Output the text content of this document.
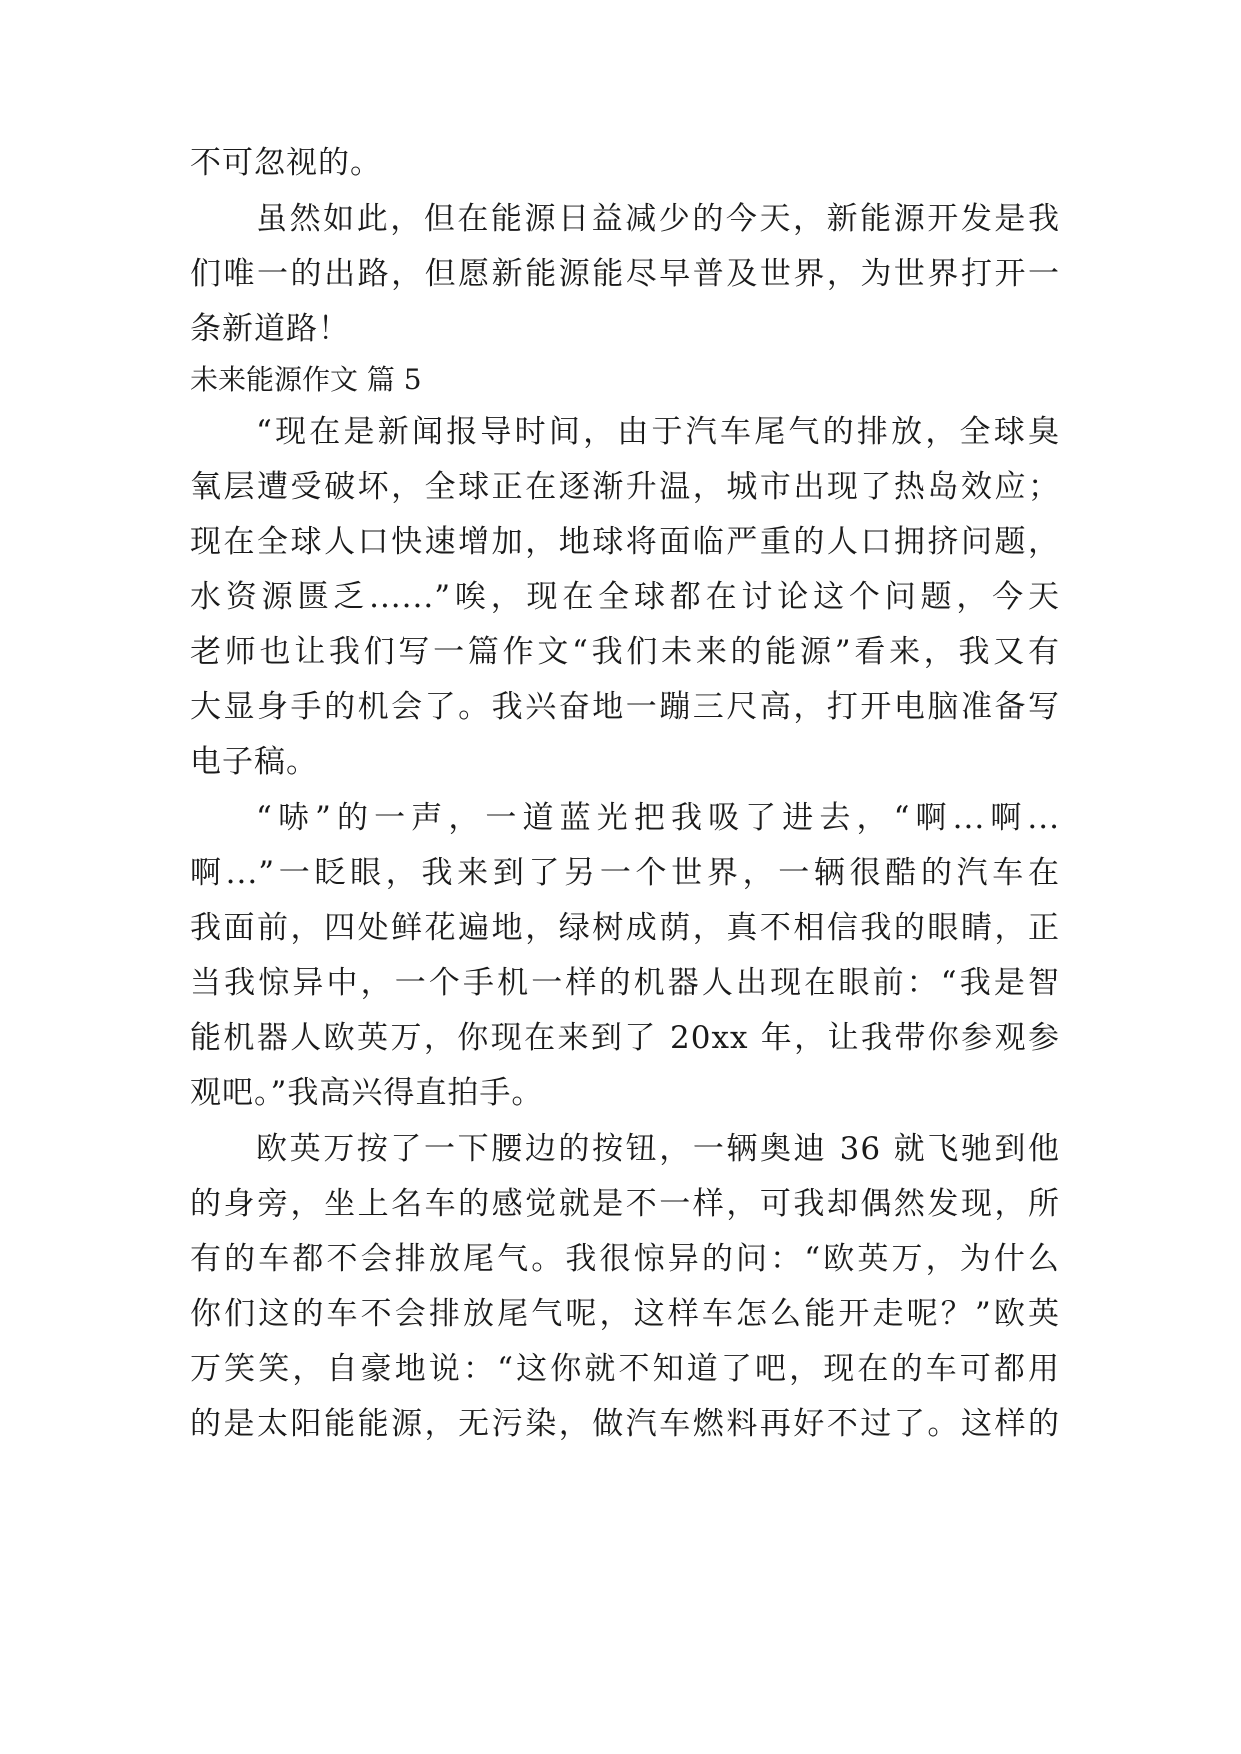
不可忽视的。
虽然如此，但在能源日益减少的今天，新能源开发是我
们唯一的出路，但愿新能源能尽早普及世界，为世界打开一
条新道路！
未来能源作文 篇 5
“现在是新闻报导时间，由于汽车尾气的排放，全球臭
氧层遭受破坏，全球正在逐渐升温，城市出现了热岛效应；
现在全球人口快速增加，地球将面临严重的人口拥挤问题，
水资源匮乏......”唉，现在全球都在讨论这个问题，今天
老师也让我们写一篇作文“我们未来的能源”看来，我又有
大显身手的机会了。我兴奋地一蹦三尺高，打开电脑准备写
电子稿。
“哧”的一声，一道蓝光把我吸了进去，“啊...啊...
啊...”一眨眼，我来到了另一个世界，一辆很酷的汽车在
我面前，四处鲜花遍地，绿树成荫，真不相信我的眼睛，正
当我惊异中，一个手机一样的机器人出现在眼前：“我是智
能机器人欧英万，你现在来到了 20xx 年，让我带你参观参
观吧。”我高兴得直拍手。
欧英万按了一下腰边的按钮，一辆奥迪 36 就飞驰到他
的身旁，坐上名车的感觉就是不一样，可我却偶然发现，所
有的车都不会排放尾气。我很惊异的问：“欧英万，为什么
你们这的车不会排放尾气呢，这样车怎么能开走呢？”欧英
万笑笑，自豪地说：“这你就不知道了吧，现在的车可都用
的是太阳能能源，无污染，做汽车燃料再好不过了。这样的
